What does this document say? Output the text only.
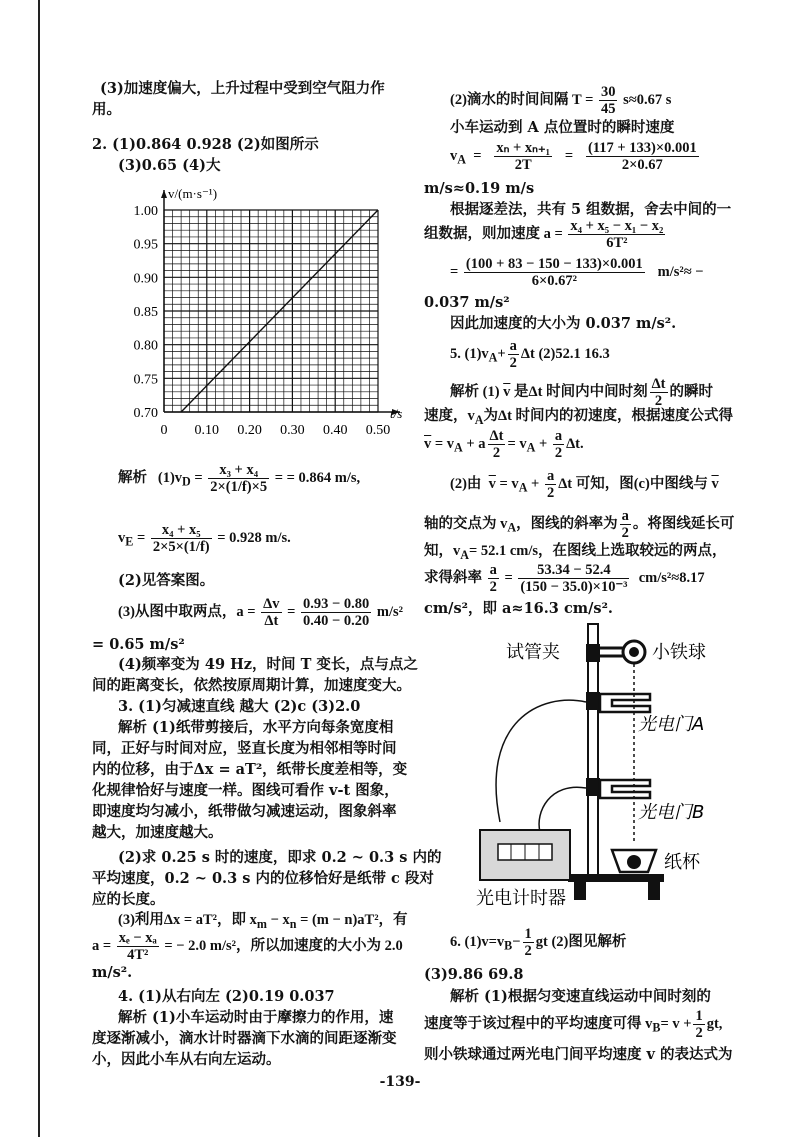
(3)加速度偏大，上升过程中受到空气阻力作
用。
2. (1)0.864 0.928 (2)如图所示
(3)0.65 (4)大
v/(m·s⁻¹)
t/s
0 0.10 0.20 0.30 0.40 0.50
0.70
0.75
0.80
0.85
0.90
0.95
1.00
解析 $(1)v_D = \frac{\text{x₃ + x₄}}{2\times(1/f)\times 5}$ = = 0.864 m/s,
$v_E = \frac{\text{x₄ + x₅}}{2\times 5\times(1/f)} = 0.928$ m/s.
(2)见答案图。
(3)从图中取两点，$a = \frac{\Delta v}{\Delta t} = \frac{0.93 - 0.80}{0.40 - 0.20} m/s^2$
= 0.65 m/s²
(4)频率变为 49 Hz，时间 T 变长，点与点之
间的距离变长，依然按原周期计算，加速度变大。
3. (1)匀减速直线 越大 (2)c (3)2.0
解析 (1)纸带剪接后，水平方向每条宽度相
同，正好与时间对应，竖直长度为相邻相等时间
内的位移，由于Δx = aT²，纸带长度差相等，变
化规律恰好与速度一样。图线可看作 v-t 图象，
即速度均匀减小，纸带做匀减速运动，图象斜率
越大，加速度越大。
(2)求 0.25 s 时的速度，即求 0.2 ~ 0.3 s 内的
平均速度，0.2 ~ 0.3 s 内的位移恰好是纸带 c 段对
应的长度。
(3)利用Δx = aT²，即 $x_m - x_n = (m - n)aT^2$，有
$a = \frac{\text{xₑ − xₐ}}{\text{4T²}}$ = − 2.0 m/s²，所以加速度的大小为 2.0
m/s².
4. (1)从右向左 (2)0.19 0.037
解析 (1)小车运动时由于摩擦力的作用，速
度逐渐减小，滴水计时器滴下水滴的间距逐渐变
小，因此小车从右向左运动。
(2)滴水的时间间隔 $T = \frac{30}{45} s\approx 0.67$ s
小车运动到 A 点位置时的瞬时速度
$v_A = \frac{\text{xₙ + xₙ₊₁}}{2T} = \frac{(117 + 133)\times 0.001}{2\times 0.67}$
m/s≈0.19 m/s
根据逐差法，共有 5 组数据，舍去中间的一
组数据，则加速度 $a = \frac{\text{x₄ + x₅ − x₁ − x₂}}{\text{6T²}}$
= $\frac{(100 + 83 - 150 - 133)\times 0.001}{\text{6×0.67²}} m/s^2\approx$ −
0.037 m/s²
因此加速度的大小为 0.037 m/s².
5. $(1)v_A+ \frac{a}{2}$ Δt (2)52.1 16.3
解析 (1) $\overline{v}$ 是Δt 时间内中间时刻 $\frac{\Delta t}{2}$ 的瞬时
速度，$v_A$为Δt 时间内的初速度，根据速度公式得
$\overline{v} = v_A + a \frac{\Delta t}{2} = v_A + \frac{a}{2} \Delta t$.
(2)由 $\overline{v} = v_A + \frac{a}{2}$ Δt 可知，图(c)中图线与 $\overline{v}$
轴的交点为 $v_A$，图线的斜率为 $\frac{a}{2}$ 。将图线延长可
知，$v_A= 52.1$ cm/s，在图线上选取较远的两点，
求得斜率 $\frac{a}{2} = \frac{53.34 - 52.4}{\text{(150 − 35.0)×10⁻³}} cm/s^2\approx 8.17$
cm/s²，即 a≈16.3 cm/s².
试管夹	小铁球
光电门A
光电门B
纸杯
光电计时器
6. $(1)v=v_B- \frac{1}{2}$ gt (2)图见解析
(3)9.86 69.8
解析 (1)根据匀变速直线运动中间时刻的
速度等于该过程中的平均速度可得 $v_B= v + \frac{1}{2}$ gt,
则小铁球通过两光电门间平均速度 v 的表达式为
-139-
